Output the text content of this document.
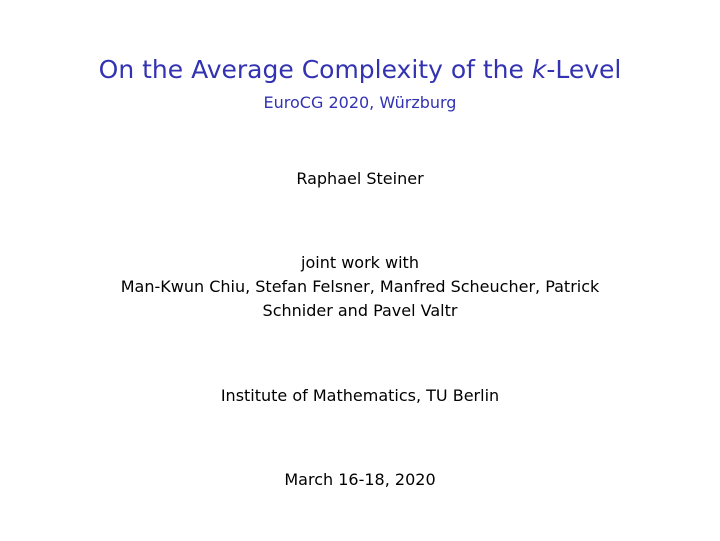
On the Average Complexity of the k-Level
EuroCG 2020, Würzburg
Raphael Steiner
joint work with
Man-Kwun Chiu, Stefan Felsner, Manfred Scheucher, Patrick
Schnider and Pavel Valtr
Institute of Mathematics, TU Berlin
March 16-18, 2020
